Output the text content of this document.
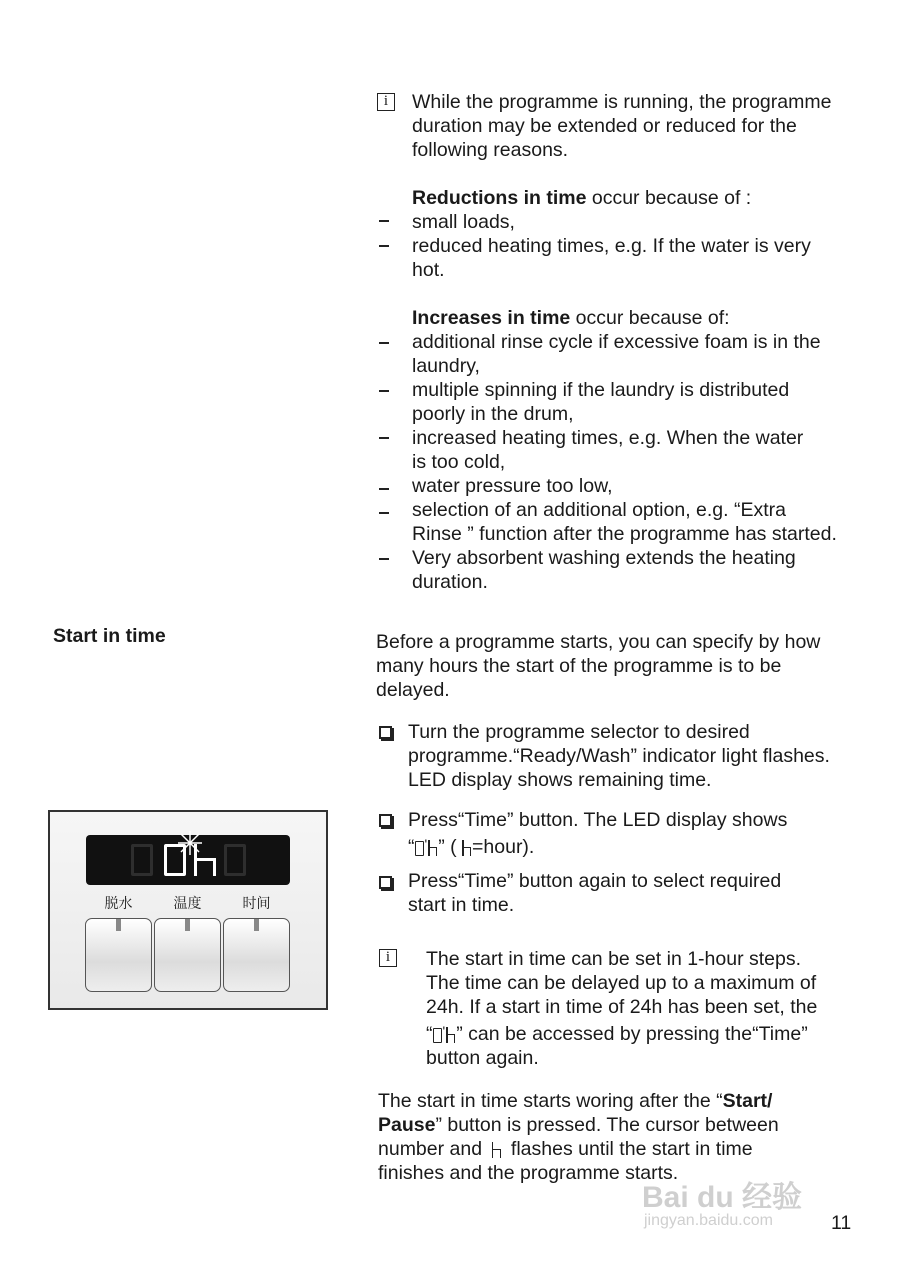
i	While the programme is running, the programme
duration may be extended or reduced for the
following reasons.
Reductions in time occur because of :
small loads,
reduced heating times, e.g. If the water is very
hot.
Increases in time occur because of:
additional rinse cycle if excessive foam is in the
laundry,
multiple spinning if the laundry is distributed
poorly in the drum,
increased heating times, e.g. When the water
is too cold,
water pressure too low,
selection of an additional option, e.g. “Extra
Rinse ” function after the programme has started.
Very absorbent washing extends the heating
duration.
Start in time	Before a programme starts, you can specify by how
many hours the start of the programme is to be
delayed.
Turn the programme selector to desired
programme.“Ready/Wash” indicator light flashes.
LED display shows remaining time.
Press“Time” button. The LED display shows
“ ' ” ( =hour).
Press“Time” button again to select required
start in time.
i	The start in time can be set in 1-hour steps.
The time can be delayed up to a maximum of
24h. If a start in time of 24h has been set, the
“ ' ” can be accessed by pressing the“Time”
button again.
The start in time starts woring after the “Start/
Pause” button is pressed. The cursor between
number and  flashes until the start in time
finishes and the programme starts.
脱水	温度	时间
Bai du 经验
jingyan.baidu.com	11
